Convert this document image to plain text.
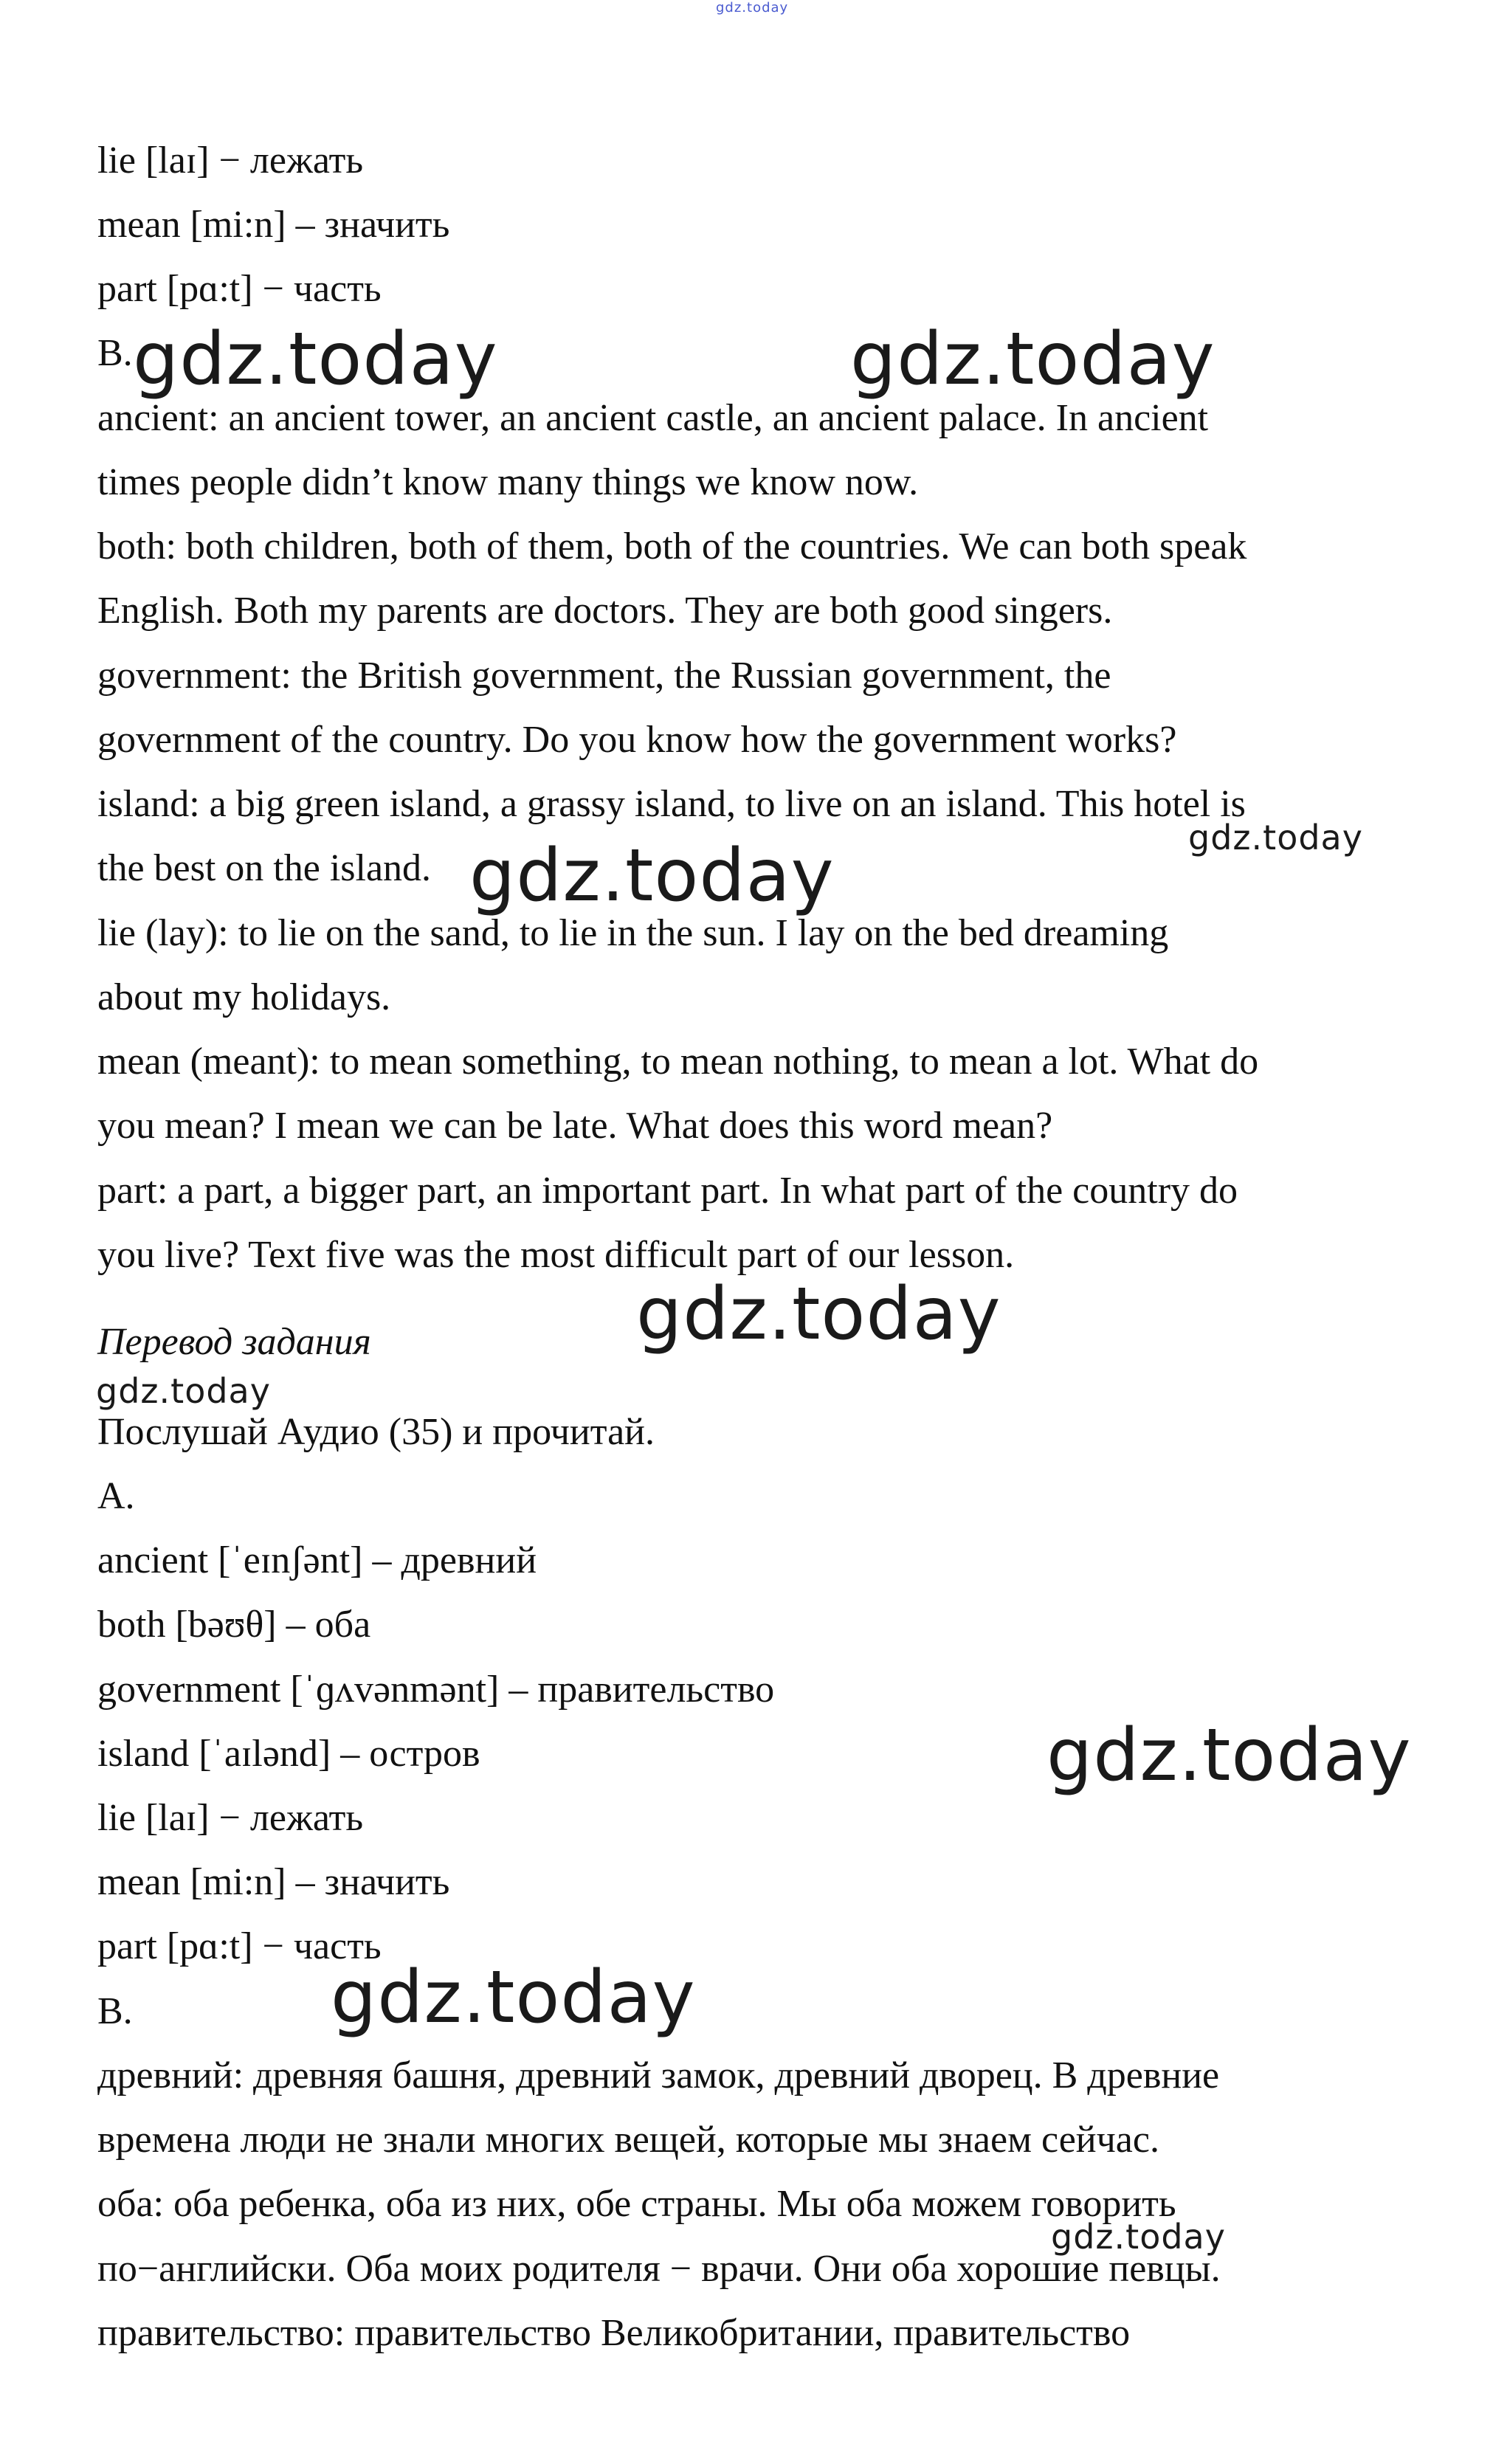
gdz.today
lie [laɪ] − лежать
mean [mi:n] – значить
part [pɑ:t] − часть
B.
ancient: an ancient tower, an ancient castle, an ancient palace. In ancient
times people didn’t know many things we know now.
both: both children, both of them, both of the countries. We can both speak
English. Both my parents are doctors. They are both good singers.
government: the British government, the Russian government, the
government of the country. Do you know how the government works?
island: a big green island, a grassy island, to live on an island. This hotel is
the best on the island.
lie (lay): to lie on the sand, to lie in the sun. I lay on the bed dreaming
about my holidays.
mean (meant): to mean something, to mean nothing, to mean a lot. What do
you mean? I mean we can be late. What does this word mean?
part: a part, a bigger part, an important part. In what part of the country do
you live? Text five was the most difficult part of our lesson.
Перевод задания
Послушай Аудио (35) и прочитай.
A.
ancient [ˈeɪnʃənt] – древний
both [bəʊθ] – оба
government [ˈɡʌvənmənt] – правительство
island [ˈaɪlənd] – остров
lie [laɪ] − лежать
mean [mi:n] – значить
part [pɑ:t] − часть
B.
древний: древняя башня, древний замок, древний дворец. В древние
времена люди не знали многих вещей, которые мы знаем сейчас.
оба: оба ребенка, оба из них, обе страны. Мы оба можем говорить
по−английски. Оба моих родителя − врачи. Они оба хорошие певцы.
правительство: правительство Великобритании, правительство
gdz.today	gdz.today
gdz.today
gdz.today
gdz.today
gdz.today
gdz.today
gdz.today
gdz.today
